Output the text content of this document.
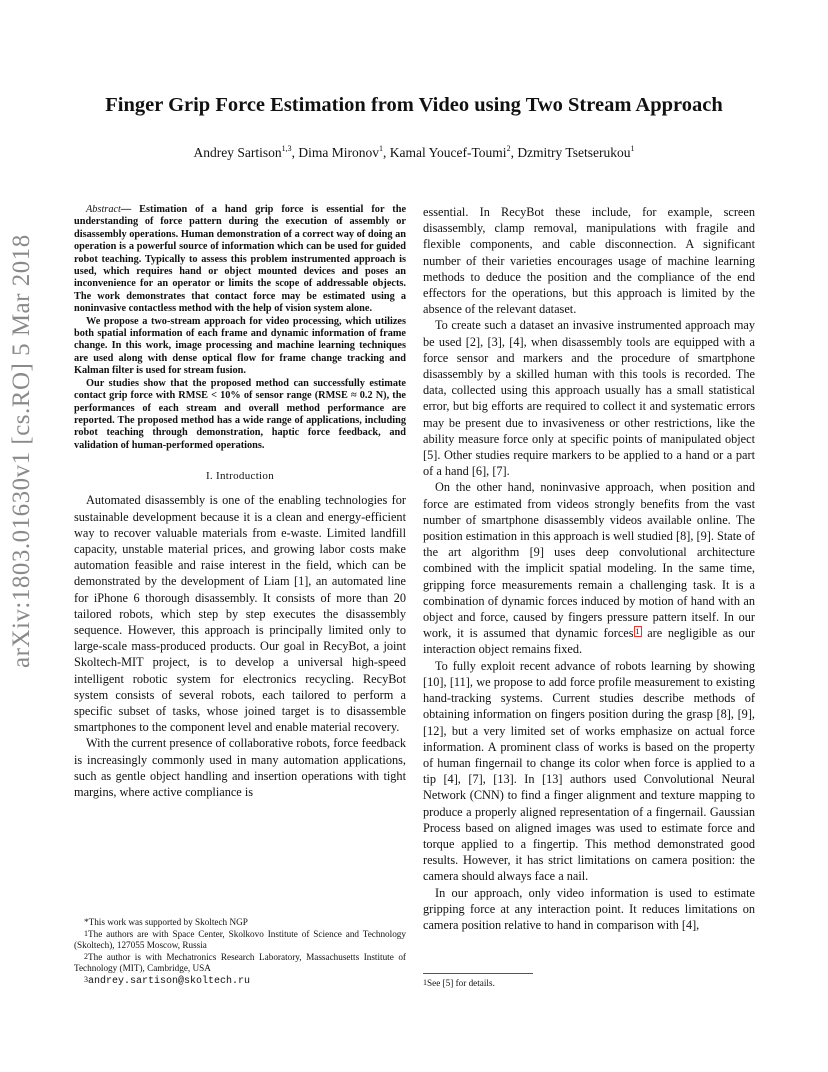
arXiv:1803.01630v1 [cs.RO] 5 Mar 2018
Finger Grip Force Estimation from Video using Two Stream Approach
Andrey Sartison$^{1,3}$, Dima Mironov$^1$, Kamal Youcef-Toumi$^2$, Dzmitry Tsetserukou$^1$

Abstract— Estimation of a hand grip force is essential for the understanding of force pattern during the execution of assembly or disassembly operations. Human demonstration of a correct way of doing an operation is a powerful source of information which can be used for guided robot teaching. Typically to assess this problem instrumented approach is used, which requires hand or object mounted devices and poses an inconvenience for an operator or limits the scope of addressable objects. The work demonstrates that contact force may be estimated using a noninvasive contactless method with the help of vision system alone.

We propose a two-stream approach for video processing, which utilizes both spatial information of each frame and dynamic information of frame change. In this work, image processing and machine learning techniques are used along with dense optical flow for frame change tracking and Kalman filter is used for stream fusion.

Our studies show that the proposed method can successfully estimate contact grip force with RMSE < 10% of sensor range (RMSE ≈ 0.2 N), the performances of each stream and overall method performance are reported. The proposed method has a wide range of applications, including robot teaching through demonstration, haptic force feedback, and validation of human-performed operations.

I. Introduction

Automated disassembly is one of the enabling technologies for sustainable development because it is a clean and energy-efficient way to recover valuable materials from e-waste. Limited landfill capacity, unstable material prices, and growing labor costs make automation feasible and raise interest in the field, which can be demonstrated by the development of Liam [1], an automated line for iPhone 6 thorough disassembly. It consists of more than 20 tailored robots, which step by step executes the disassembly sequence. However, this approach is principally limited only to large-scale mass-produced products. Our goal in RecyBot, a joint Skoltech-MIT project, is to develop a universal high-speed intelligent robotic system for electronics recycling. RecyBot system consists of several robots, each tailored to perform a specific subset of tasks, whose joined target is to disassemble smartphones to the component level and enable material recovery.

With the current presence of collaborative robots, force feedback is increasingly commonly used in many automation applications, such as gentle object handling and insertion operations with tight margins, where active compliance is

*This work was supported by Skoltech NGP

$^1$The authors are with Space Center, Skolkovo Institute of Science and Technology (Skoltech), 127055 Moscow, Russia

$^2$The author is with Mechatronics Research Laboratory, Massachusetts Institute of Technology (MIT), Cambridge, USA

$^3$andrey.sartison@skoltech.ru

essential. In RecyBot these include, for example, screen disassembly, clamp removal, manipulations with fragile and flexible components, and cable disconnection. A significant number of their varieties encourages usage of machine learning methods to deduce the position and the compliance of the end effectors for the operations, but this approach is limited by the absence of the relevant dataset.

To create such a dataset an invasive instrumented approach may be used [2], [3], [4], when disassembly tools are equipped with a force sensor and markers and the procedure of smartphone disassembly by a skilled human with this tools is recorded. The data, collected using this approach usually has a small statistical error, but big efforts are required to collect it and systematic errors may be present due to invasiveness or other restrictions, like the ability measure force only at specific points of manipulated object [5]. Other studies require markers to be applied to a hand or a part of a hand [6], [7].

On the other hand, noninvasive approach, when position and force are estimated from videos strongly benefits from the vast number of smartphone disassembly videos available online. The position estimation in this approach is well studied [8], [9]. State of the art algorithm [9] uses deep convolutional architecture combined with the implicit spatial modeling. In the same time, gripping force measurements remain a challenging task. It is a combination of dynamic forces induced by motion of hand with an object and force, caused by fingers pressure pattern itself. In our work, it is assumed that dynamic forces $^1$ are negligible as our interaction object remains fixed.

To fully exploit recent advance of robots learning by showing [10], [11], we propose to add force profile measurement to existing hand-tracking systems. Current studies describe methods of obtaining information on fingers position during the grasp [8], [9], [12], but a very limited set of works emphasize on actual force information. A prominent class of works is based on the property of human fingernail to change its color when force is applied to a tip [4], [7], [13]. In [13] authors used Convolutional Neural Network (CNN) to find a finger alignment and texture mapping to produce a properly aligned representation of a fingernail. Gaussian Process based on aligned images was used to estimate force and torque applied to a fingertip. This method demonstrated good results. However, it has strict limitations on camera position: the camera should always face a nail.

In our approach, only video information is used to estimate gripping force at any interaction point. It reduces limitations on camera position relative to hand in comparison with [4],

$^1$See [5] for details.
